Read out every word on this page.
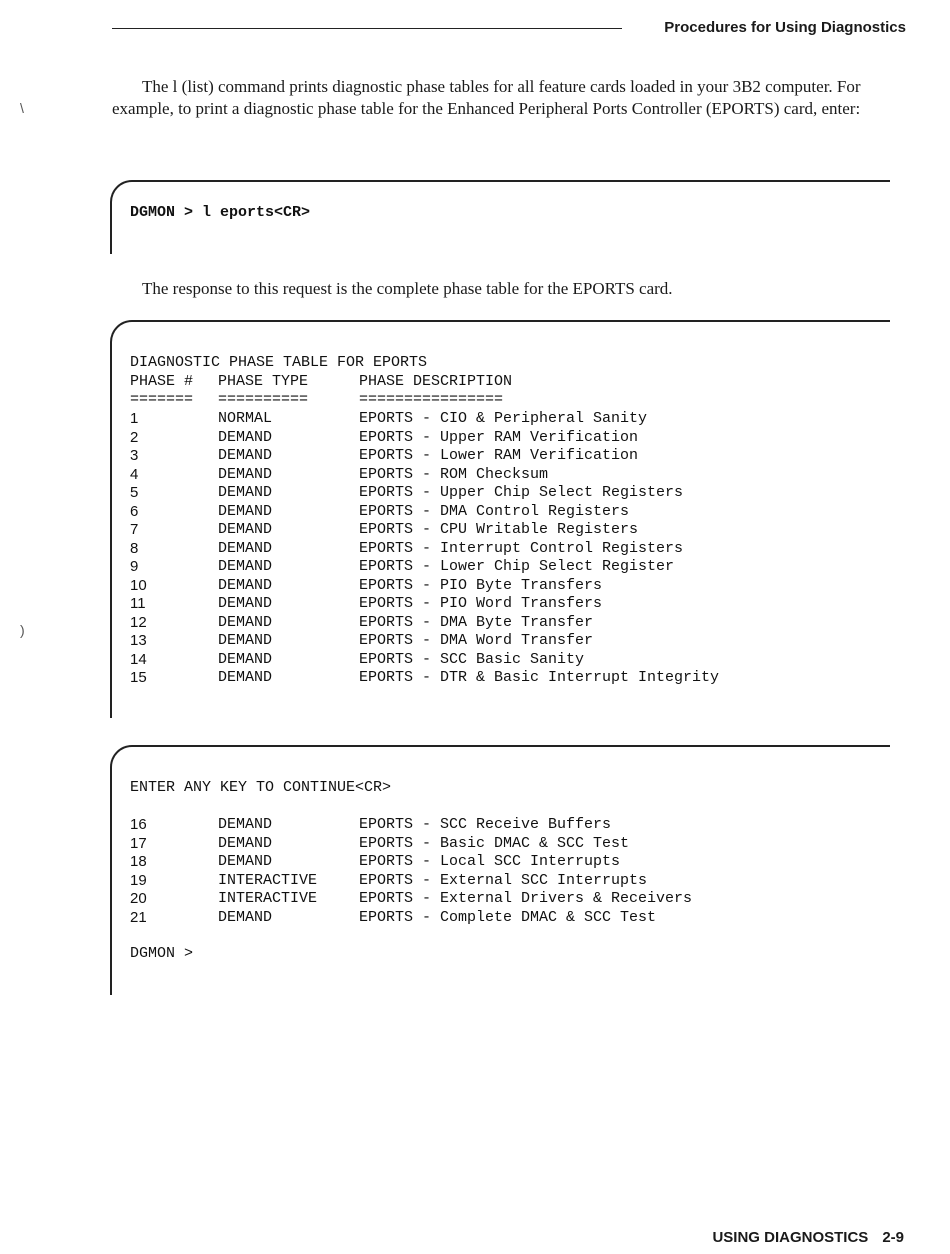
Procedures for Using Diagnostics
\
)

The l (list) command prints diagnostic phase tables for all feature cards loaded in your 3B2 computer. For example, to print a diagnostic phase table for the Enhanced Peripheral Ports Controller (EPORTS) card, enter:

DGMON > l eports<CR>

The response to this request is the complete phase table for the EPORTS card.

DIAGNOSTIC PHASE TABLE FOR EPORTS
PHASE # PHASE TYPE	PHASE DESCRIPTION
======= ==========	================
1	NORMAL	EPORTS - CIO & Peripheral Sanity
2	DEMAND	EPORTS - Upper RAM Verification
3	DEMAND	EPORTS - Lower RAM Verification
4	DEMAND	EPORTS - ROM Checksum
5	DEMAND	EPORTS - Upper Chip Select Registers
6	DEMAND	EPORTS - DMA Control Registers
7	DEMAND	EPORTS - CPU Writable Registers
8	DEMAND	EPORTS - Interrupt Control Registers
9	DEMAND	EPORTS - Lower Chip Select Register
10	DEMAND	EPORTS - PIO Byte Transfers
11	DEMAND	EPORTS - PIO Word Transfers
12	DEMAND	EPORTS - DMA Byte Transfer
13	DEMAND	EPORTS - DMA Word Transfer
14	DEMAND	EPORTS - SCC Basic Sanity
15	DEMAND	EPORTS - DTR & Basic Interrupt Integrity
ENTER ANY KEY TO CONTINUE<CR>
DGMON >
16	DEMAND	EPORTS - SCC Receive Buffers
17	DEMAND	EPORTS - Basic DMAC & SCC Test
18	DEMAND	EPORTS - Local SCC Interrupts
19	INTERACTIVE	EPORTS - External SCC Interrupts
20	INTERACTIVE	EPORTS - External Drivers & Receivers
21	DEMAND	EPORTS - Complete DMAC & SCC Test
USING DIAGNOSTICS 2-9
